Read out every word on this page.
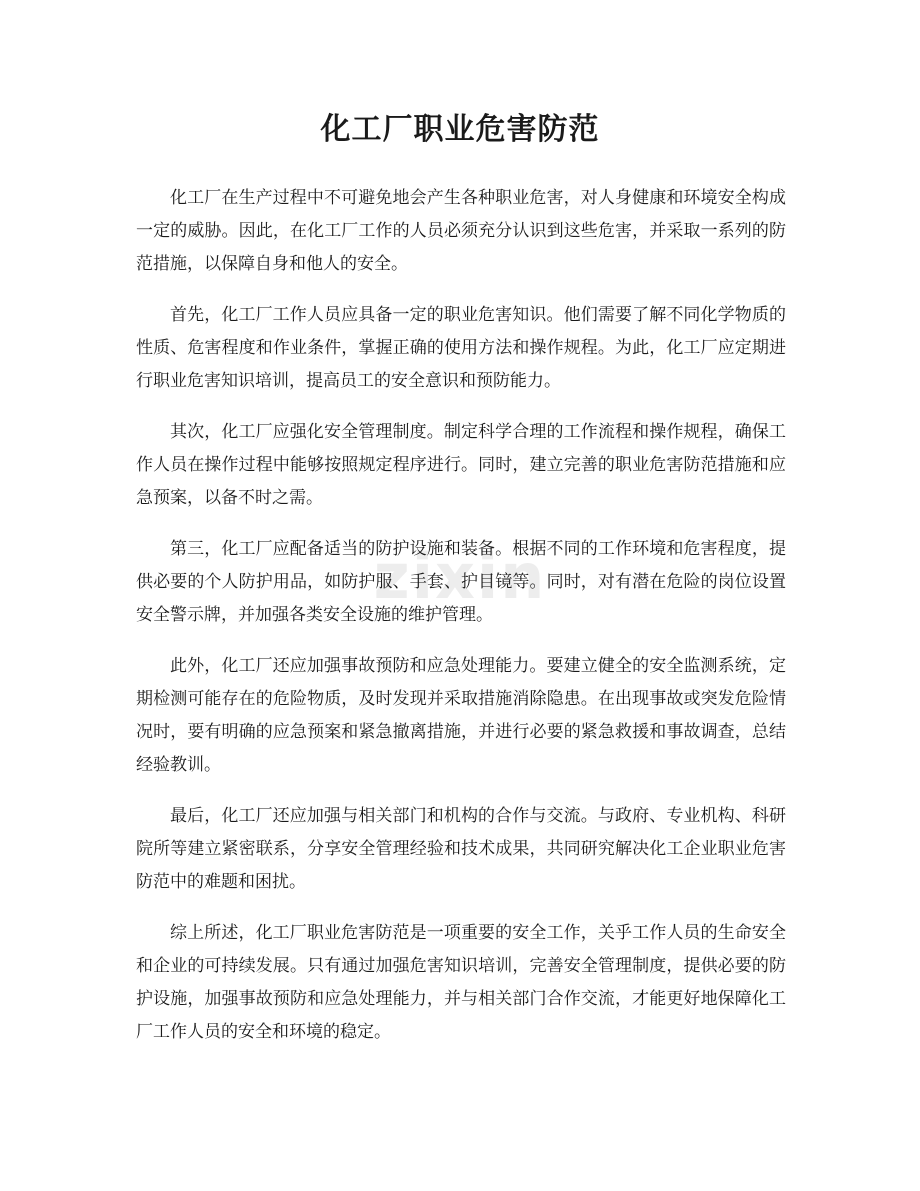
化工厂职业危害防范
zixin

化工厂在生产过程中不可避免地会产生各种职业危害，对人身健康和环境安全构成一定的威胁。因此，在化工厂工作的人员必须充分认识到这些危害，并采取一系列的防范措施，以保障自身和他人的安全。

首先，化工厂工作人员应具备一定的职业危害知识。他们需要了解不同化学物质的性质、危害程度和作业条件，掌握正确的使用方法和操作规程。为此，化工厂应定期进行职业危害知识培训，提高员工的安全意识和预防能力。

其次，化工厂应强化安全管理制度。制定科学合理的工作流程和操作规程，确保工作人员在操作过程中能够按照规定程序进行。同时，建立完善的职业危害防范措施和应急预案，以备不时之需。

第三，化工厂应配备适当的防护设施和装备。根据不同的工作环境和危害程度，提供必要的个人防护用品，如防护服、手套、护目镜等。同时，对有潜在危险的岗位设置安全警示牌，并加强各类安全设施的维护管理。

此外，化工厂还应加强事故预防和应急处理能力。要建立健全的安全监测系统，定期检测可能存在的危险物质，及时发现并采取措施消除隐患。在出现事故或突发危险情况时，要有明确的应急预案和紧急撤离措施，并进行必要的紧急救援和事故调查，总结经验教训。

最后，化工厂还应加强与相关部门和机构的合作与交流。与政府、专业机构、科研院所等建立紧密联系，分享安全管理经验和技术成果，共同研究解决化工企业职业危害防范中的难题和困扰。

综上所述，化工厂职业危害防范是一项重要的安全工作，关乎工作人员的生命安全和企业的可持续发展。只有通过加强危害知识培训，完善安全管理制度，提供必要的防护设施，加强事故预防和应急处理能力，并与相关部门合作交流，才能更好地保障化工厂工作人员的安全和环境的稳定。
